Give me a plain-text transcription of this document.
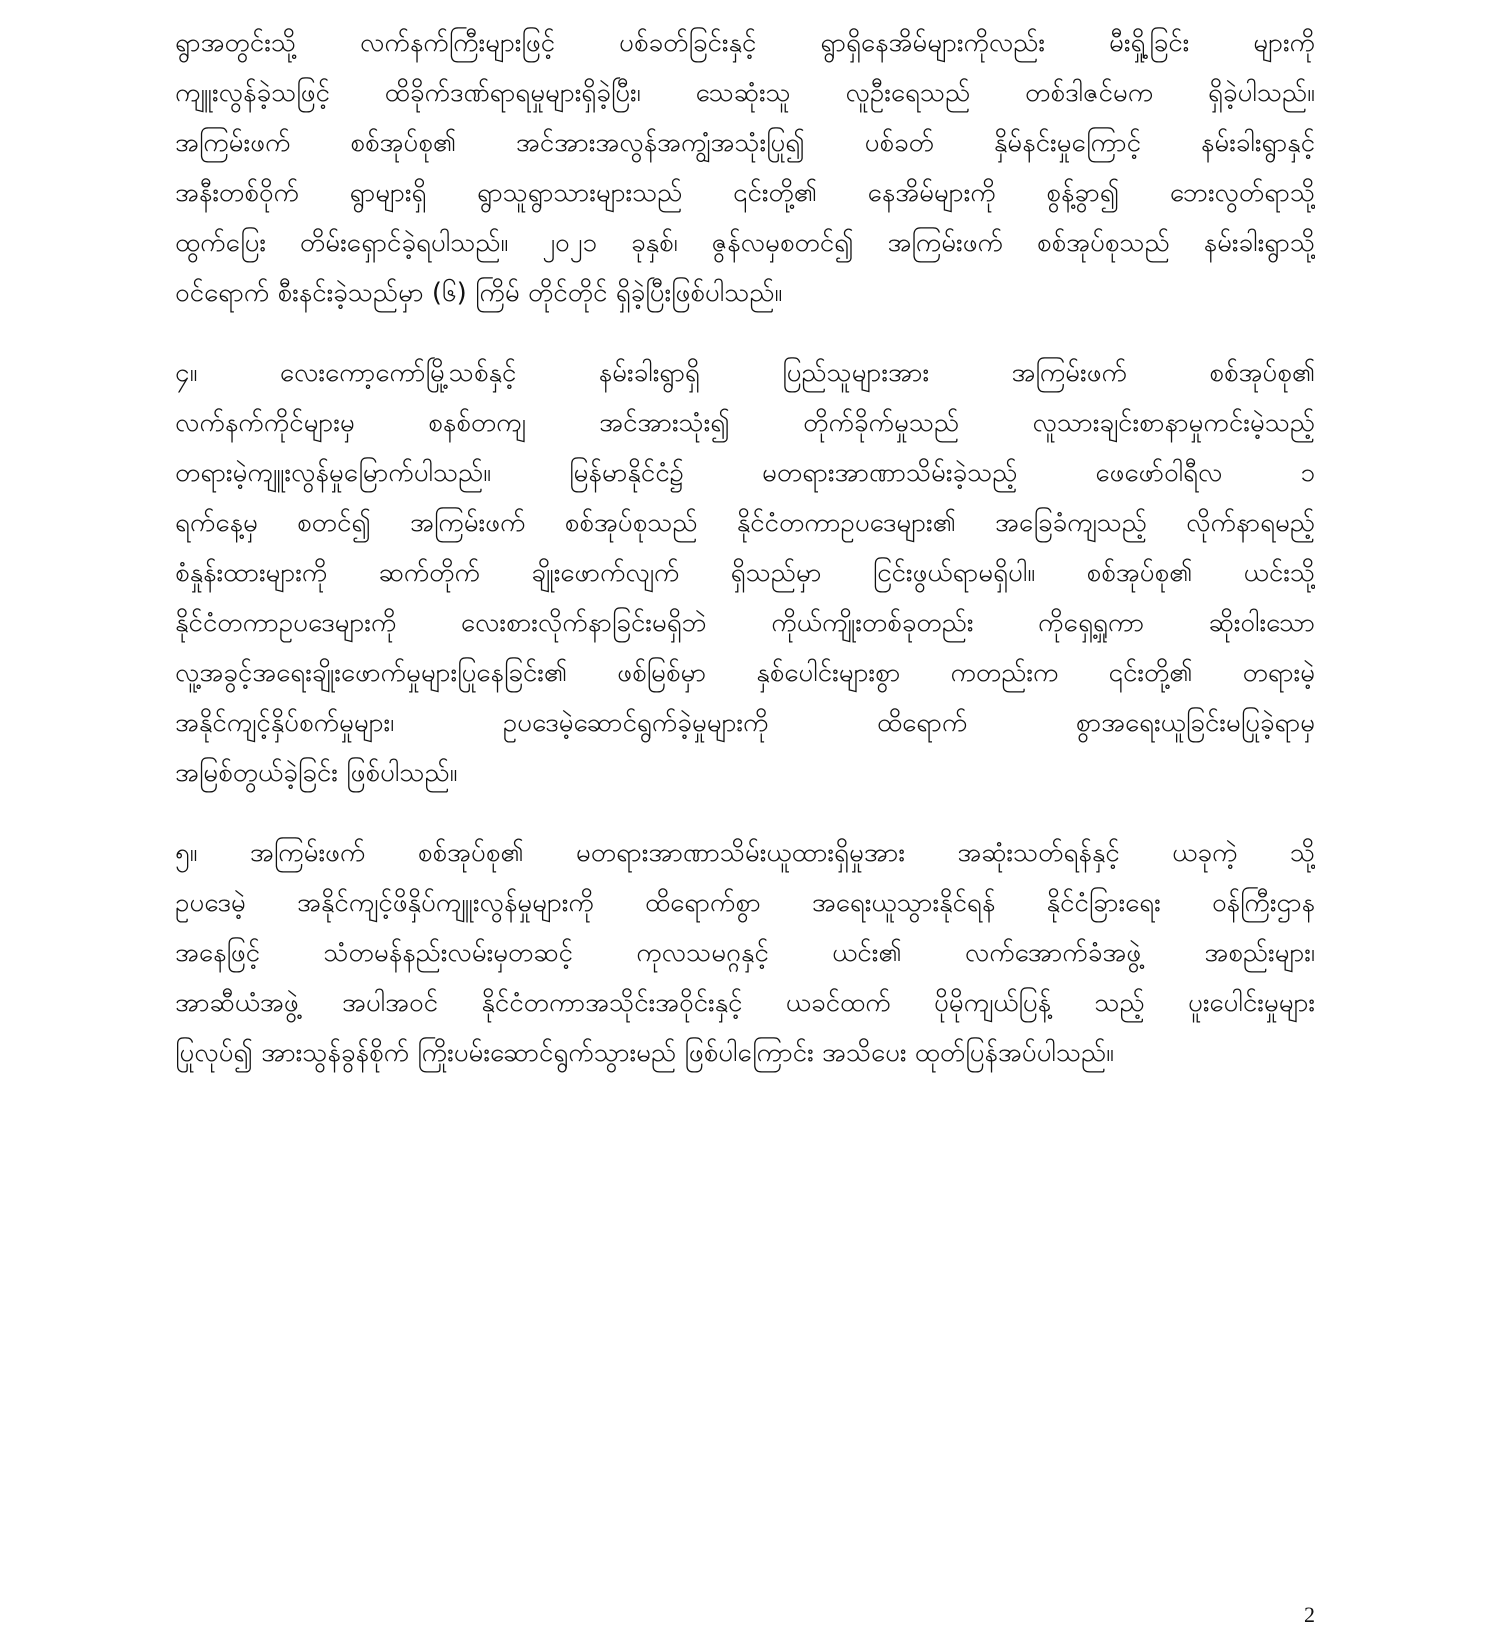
ရွာအတွင်းသို့ လက်နက်ကြီးများဖြင့် ပစ်ခတ်ခြင်းနှင့် ရွာရှိနေအိမ်များကိုလည်း မီးရှို့ခြင်း များကို
ကျူးလွန်ခဲ့သဖြင့် ထိခိုက်ဒဏ်ရာရမှုများရှိခဲ့ပြီး၊ သေဆုံးသူ လူဦးရေသည် တစ်ဒါဇင်မက ရှိခဲ့ပါသည်။
အကြမ်းဖက် စစ်အုပ်စု၏ အင်အားအလွန်အကျွံအသုံးပြု၍ ပစ်ခတ် နှိမ်နင်းမှုကြောင့် နမ်းခါးရွာနှင့်
အနီးတစ်ဝိုက် ရွာများရှိ ရွာသူရွာသားများသည် ၎င်းတို့၏ နေအိမ်များကို စွန့်ခွာ၍ ဘေးလွတ်ရာသို့
ထွက်ပြေး တိမ်းရှောင်ခဲ့ရပါသည်။ ၂၀၂၁ ခုနှစ်၊ ဇွန်လမှစတင်၍ အကြမ်းဖက် စစ်အုပ်စုသည် နမ်းခါးရွာသို့
ဝင်ရောက် စီးနင်းခဲ့သည်မှာ (၆) ကြိမ် တိုင်တိုင် ရှိခဲ့ပြီးဖြစ်ပါသည်။
၄။ လေးကော့ကော်မြို့သစ်နှင့် နမ်းခါးရွာရှိ ပြည်သူများအား အကြမ်းဖက် စစ်အုပ်စု၏
လက်နက်ကိုင်များမှ စနစ်တကျ အင်အားသုံး၍ တိုက်ခိုက်မှုသည် လူသားချင်းစာနာမှုကင်းမဲ့သည့်
တရားမဲ့ကျူးလွန်မှုမြောက်ပါသည်။ မြန်မာနိုင်ငံ၌ မတရားအာဏာသိမ်းခဲ့သည့် ဖေဖော်ဝါရီလ ၁
ရက်နေ့မှ စတင်၍ အကြမ်းဖက် စစ်အုပ်စုသည် နိုင်ငံတကာဥပဒေများ၏ အခြေခံကျသည့် လိုက်နာရမည့်
စံနှုန်းထားများကို ဆက်တိုက် ချိုးဖောက်လျက် ရှိသည်မှာ ငြင်းဖွယ်ရာမရှိပါ။ စစ်အုပ်စု၏ ယင်းသို့
နိုင်ငံတကာဥပဒေများကို လေးစားလိုက်နာခြင်းမရှိဘဲ ကိုယ်ကျိုးတစ်ခုတည်း ကိုရှေ့ရှုကာ ဆိုးဝါးသော
လူ့အခွင့်အရေးချိုးဖောက်မှုများပြုနေခြင်း၏ ဖစ်မြစ်မှာ နှစ်ပေါင်းများစွာ ကတည်းက ၎င်းတို့၏ တရားမဲ့
အနိုင်ကျင့်နှိပ်စက်မှုများ၊ ဥပဒေမဲ့ဆောင်ရွက်ခဲ့မှုများကို ထိရောက် စွာအရေးယူခြင်းမပြုခဲ့ရာမှ
အမြစ်တွယ်ခဲ့ခြင်း ဖြစ်ပါသည်။
၅။ အကြမ်းဖက် စစ်အုပ်စု၏ မတရားအာဏာသိမ်းယူထားရှိမှုအား အဆုံးသတ်ရန်နှင့် ယခုကဲ့ သို့
ဥပဒေမဲ့ အနိုင်ကျင့်ဖိနှိပ်ကျူးလွန်မှုများကို ထိရောက်စွာ အရေးယူသွားနိုင်ရန် နိုင်ငံခြားရေး ဝန်ကြီးဌာန
အနေဖြင့် သံတမန်နည်းလမ်းမှတဆင့် ကုလသမဂ္ဂနှင့် ယင်း၏ လက်အောက်ခံအဖွဲ့ အစည်းများ၊
အာဆီယံအဖွဲ့ အပါအဝင် နိုင်ငံတကာအသိုင်းအဝိုင်းနှင့် ယခင်ထက် ပိုမိုကျယ်ပြန့် သည့် ပူးပေါင်းမှုများ
ပြုလုပ်၍ အားသွန်ခွန်စိုက် ကြိုးပမ်းဆောင်ရွက်သွားမည် ဖြစ်ပါကြောင်း အသိပေး ထုတ်ပြန်အပ်ပါသည်။
2
